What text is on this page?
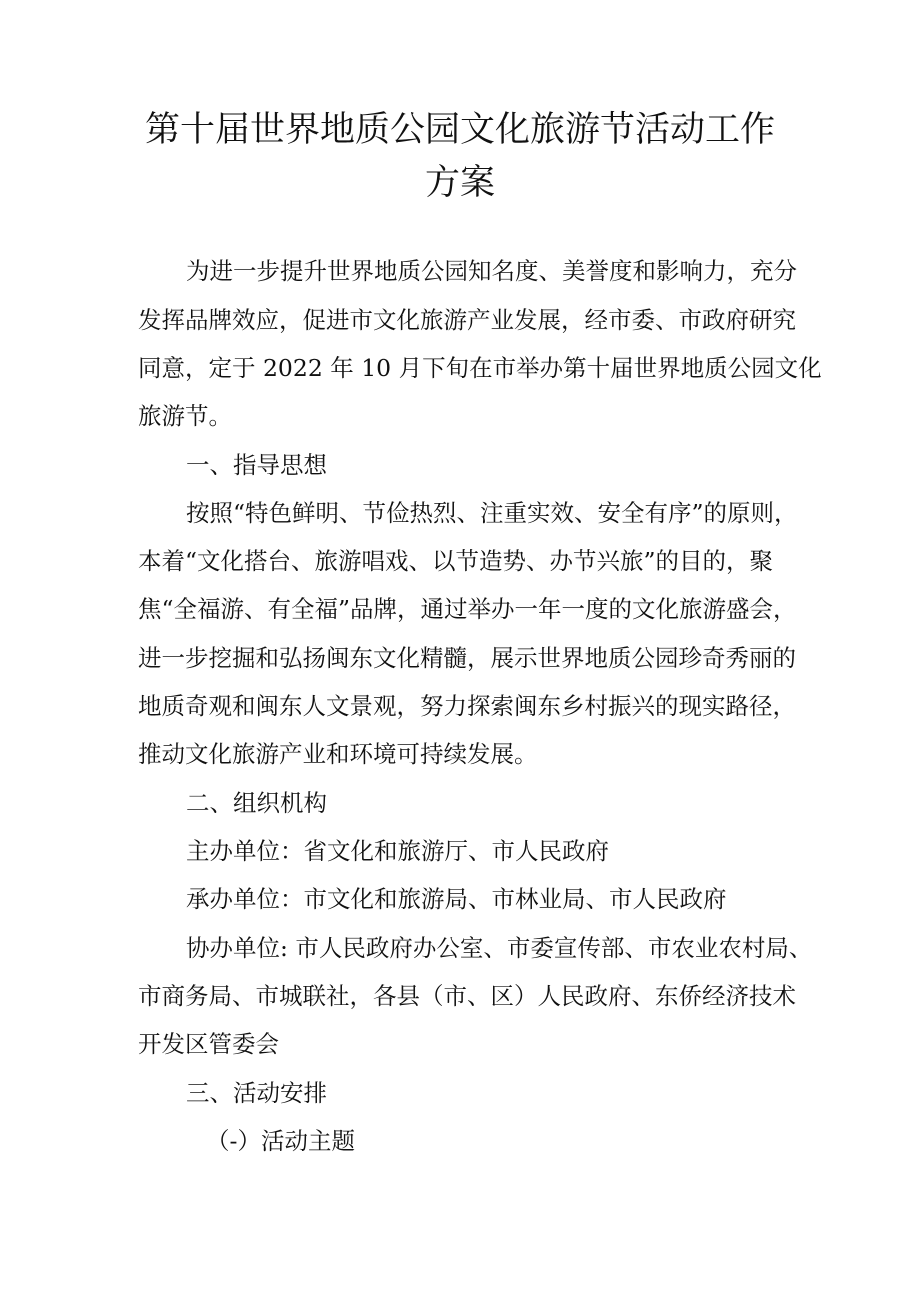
第十届世界地质公园文化旅游节活动工作
方案

为进一步提升世界地质公园知名度、美誉度和影响力，充分

发挥品牌效应，促进市文化旅游产业发展，经市委、市政府研究

同意，定于 2022 年 10 月下旬在市举办第十届世界地质公园文化

旅游节。

一、指导思想

按照“特色鲜明、节俭热烈、注重实效、安全有序”的原则，

本着“文化搭台、旅游唱戏、以节造势、办节兴旅”的目的，聚

焦“全福游、有全福”品牌，通过举办一年一度的文化旅游盛会，

进一步挖掘和弘扬闽东文化精髓，展示世界地质公园珍奇秀丽的

地质奇观和闽东人文景观，努力探索闽东乡村振兴的现实路径，

推动文化旅游产业和环境可持续发展。

二、组织机构

主办单位：省文化和旅游厅、市人民政府

承办单位：市文化和旅游局、市林业局、市人民政府

协办单位: 市人民政府办公室、市委宣传部、市农业农村局、

市商务局、市城联社，各县（市、区）人民政府、东侨经济技术

开发区管委会

三、活动安排

（-）活动主题
